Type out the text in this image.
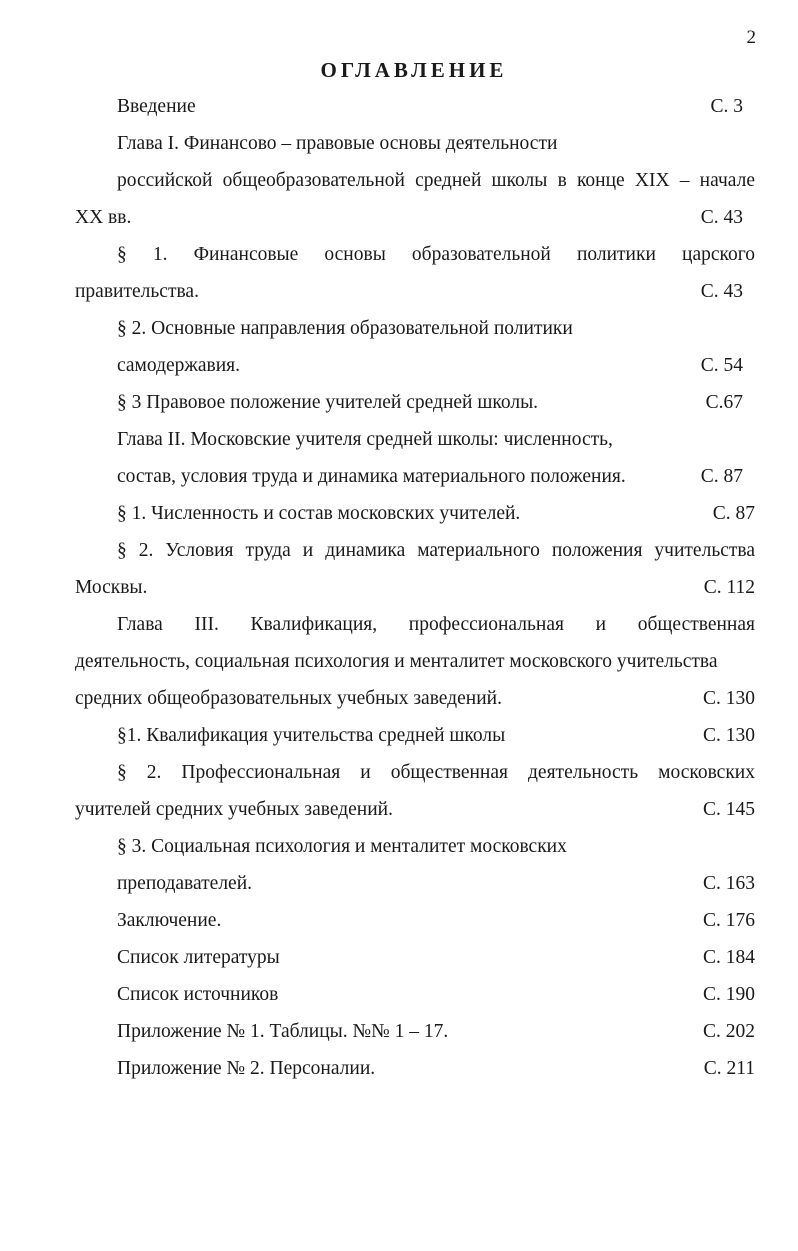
2
ОГЛАВЛЕНИЕ
Введение	С. 3
Глава I. Финансово – правовые основы деятельности
российской общеобразовательной средней школы в конце XIX – начале
XX вв.	С. 43
§ 1. Финансовые основы образовательной политики царского
правительства.	С. 43
§ 2. Основные направления образовательной политики
самодержавия.	С. 54
§ 3 Правовое положение учителей средней школы.	С.67
Глава II. Московские учителя средней школы: численность,
состав, условия труда и динамика материального положения.	С. 87
§ 1. Численность и состав московских учителей.	С. 87
§ 2. Условия труда и динамика материального положения учительства
Москвы.	С. 112
Глава III. Квалификация, профессиональная и общественная
деятельность, социальная психология и менталитет московского учительства
средних общеобразовательных учебных заведений.	С. 130
§1. Квалификация учительства средней школы	С. 130
§ 2. Профессиональная и общественная деятельность московских
учителей средних учебных заведений.	С. 145
§ 3. Социальная психология и менталитет московских
преподавателей.	С. 163
Заключение.	С. 176
Список литературы	С. 184
Список источников	С. 190
Приложение № 1. Таблицы. №№ 1 – 17.	С. 202
Приложение № 2. Персоналии.	С. 211
